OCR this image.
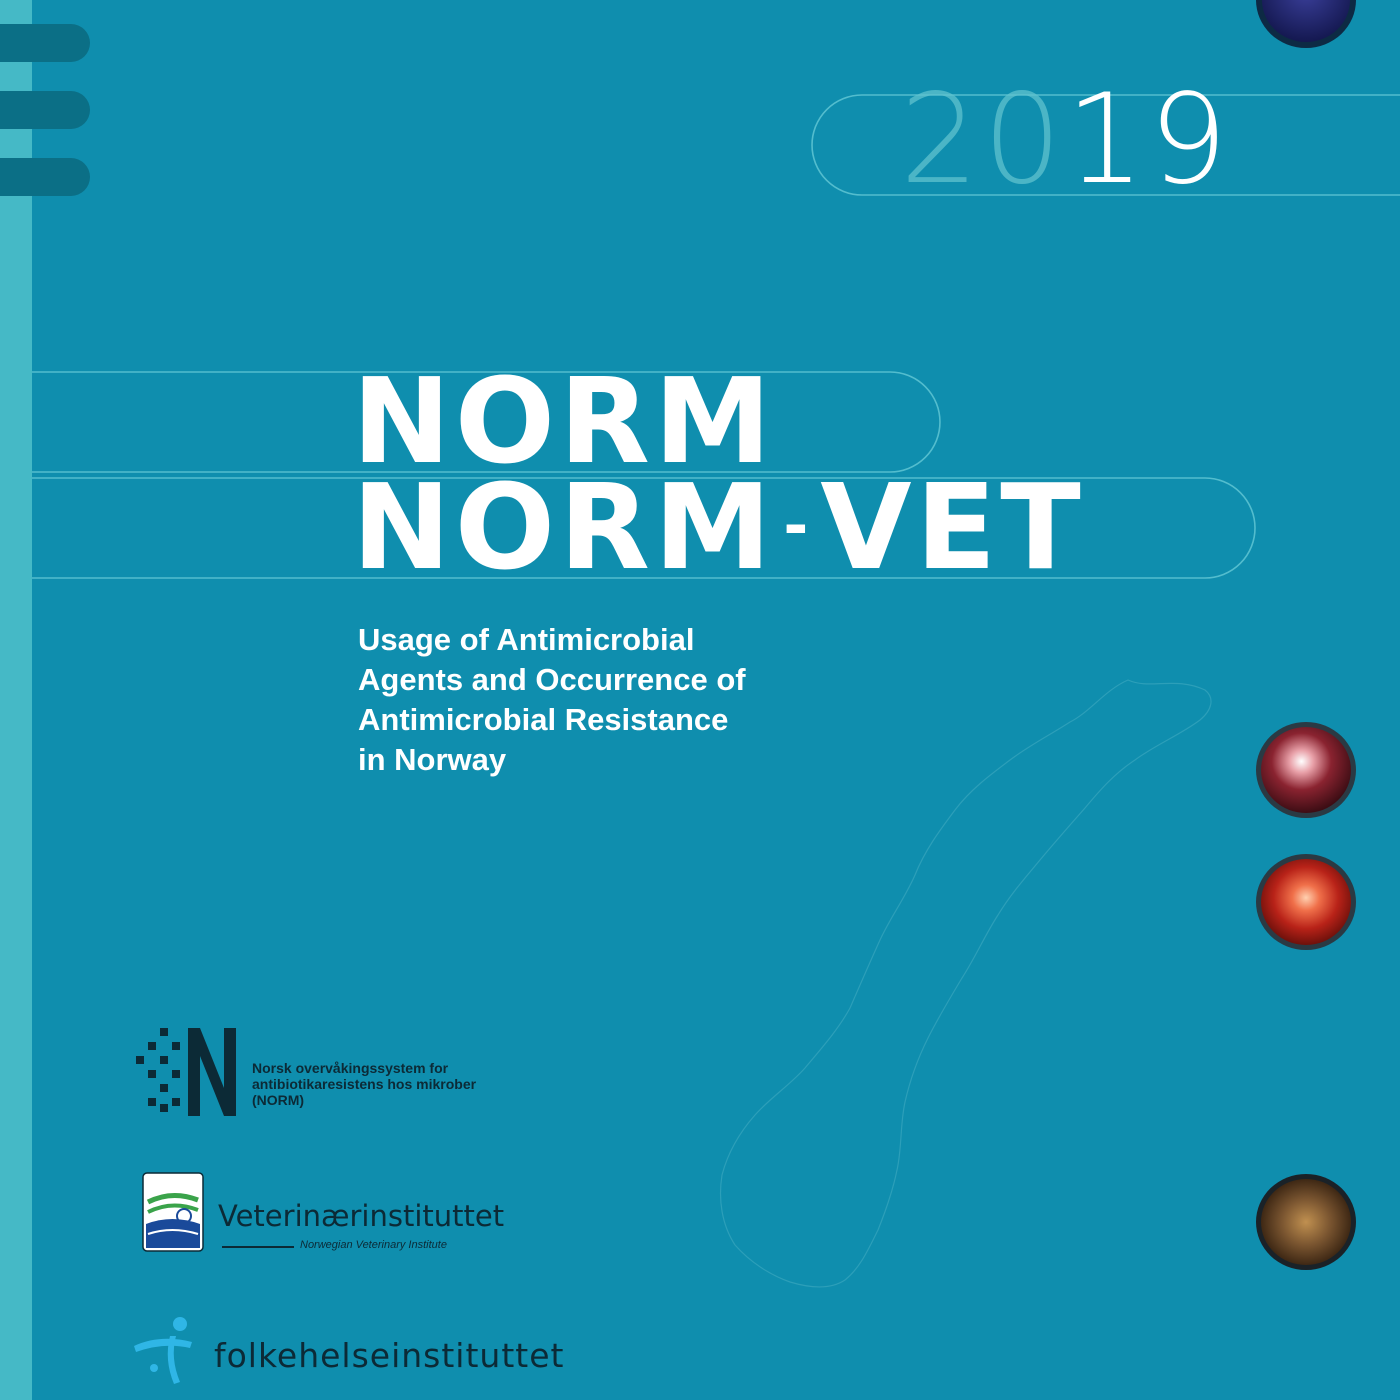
2019
NORM
NORM -VET
Usage of Antimicrobial
Agents and Occurrence of
Antimicrobial Resistance
in Norway
Norsk overvåkingssystem for
antibiotikaresistens hos mikrober
(NORM)
Veterinærinstituttet
Norwegian Veterinary Institute
folkehelseinstituttet
